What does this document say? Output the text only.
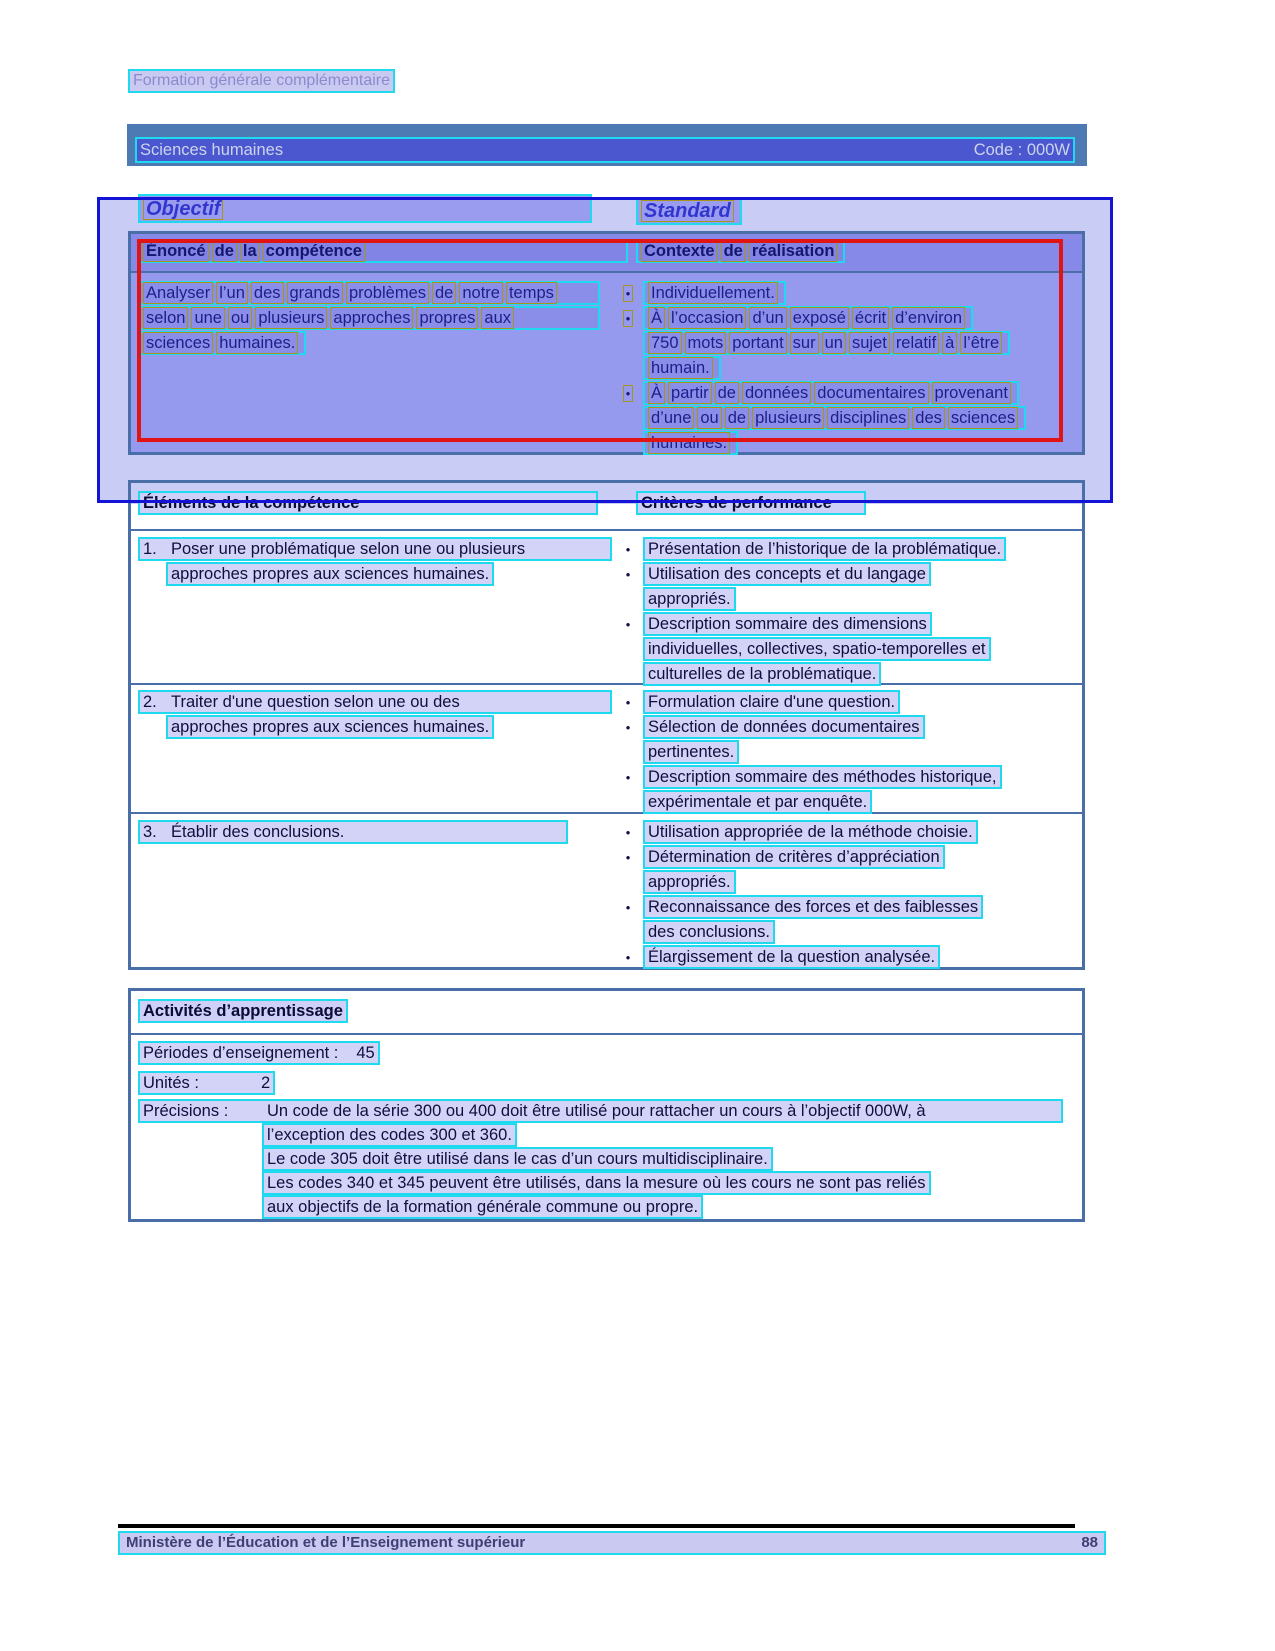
Formation générale complémentaire
Sciences humaines	Code : 000W
Objectif	Standard
Énoncé de la compétence	Contexte de réalisation
Analyser l’un des grands problèmes de notre temps
selon une ou plusieurs approches propres aux
sciences humaines.
• Individuellement.
• À l’occasion d’un exposé écrit d’environ
750 mots portant sur un sujet relatif à l’être
humain.
• À partir de données documentaires provenant
d’une ou de plusieurs disciplines des sciences
humaines.
Éléments de la compétence	Critères de performance
1. Poser une problématique selon une ou plusieurs
approches propres aux sciences humaines.
•	Présentation de l’historique de la problématique.
•	Utilisation des concepts et du langage
appropriés.
•	Description sommaire des dimensions
individuelles, collectives, spatio-temporelles et
culturelles de la problématique.
2. Traiter d'une question selon une ou des
approches propres aux sciences humaines.
•	Formulation claire d'une question.
•	Sélection de données documentaires
pertinentes.
•	Description sommaire des méthodes historique,
expérimentale et par enquête.
3. Établir des conclusions.	•	Utilisation appropriée de la méthode choisie.
•	Détermination de critères d’appréciation
appropriés.
•	Reconnaissance des forces et des faiblesses
des conclusions.
•	Élargissement de la question analysée.
Activités d’apprentissage
Périodes d’enseignement : 45
Unités :	2
Précisions :	Un code de la série 300 ou 400 doit être utilisé pour rattacher un cours à l’objectif 000W, à
l’exception des codes 300 et 360.
Le code 305 doit être utilisé dans le cas d’un cours multidisciplinaire.
Les codes 340 et 345 peuvent être utilisés, dans la mesure où les cours ne sont pas reliés
aux objectifs de la formation générale commune ou propre.
Ministère de l’Éducation et de l’Enseignement supérieur	88
